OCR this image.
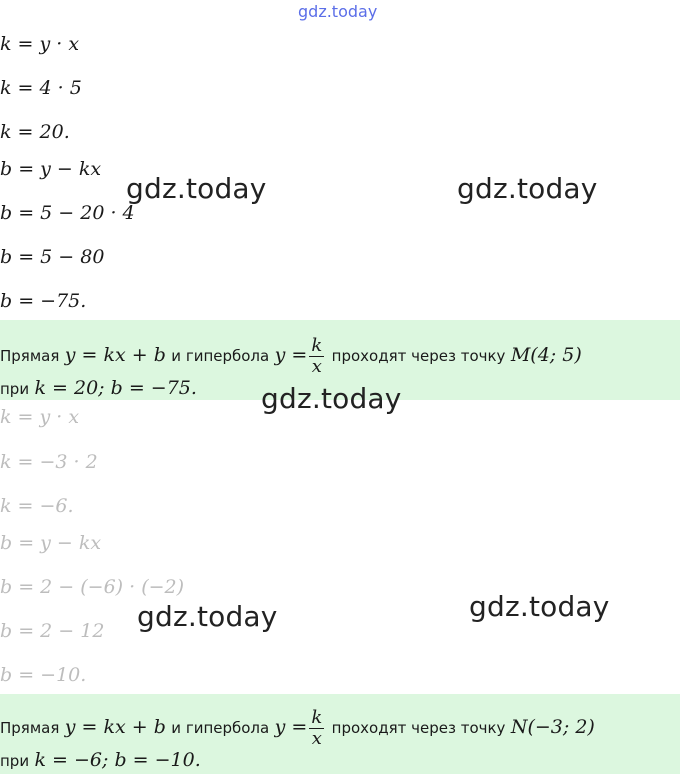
gdz.today
k = y · x
k = 4 · 5
k = 20.
b = y − kx
b = 5 − 20 · 4
b = 5 − 80
b = −75.
Прямая y = kx + b и гипербола $y = \frac{k}{x}$ проходят через точку M(4; 5)
при k = 20; b = −75.
k = y · x
k = −3 · 2
k = −6.
b = y − kx
b = 2 − (−6) · (−2)
b = 2 − 12
b = −10.
Прямая y = kx + b и гипербола $y = \frac{k}{x}$ проходят через точку N(−3; 2)
при k = −6; b = −10.
gdz.today	gdz.today
gdz.today
gdz.today	gdz.today
